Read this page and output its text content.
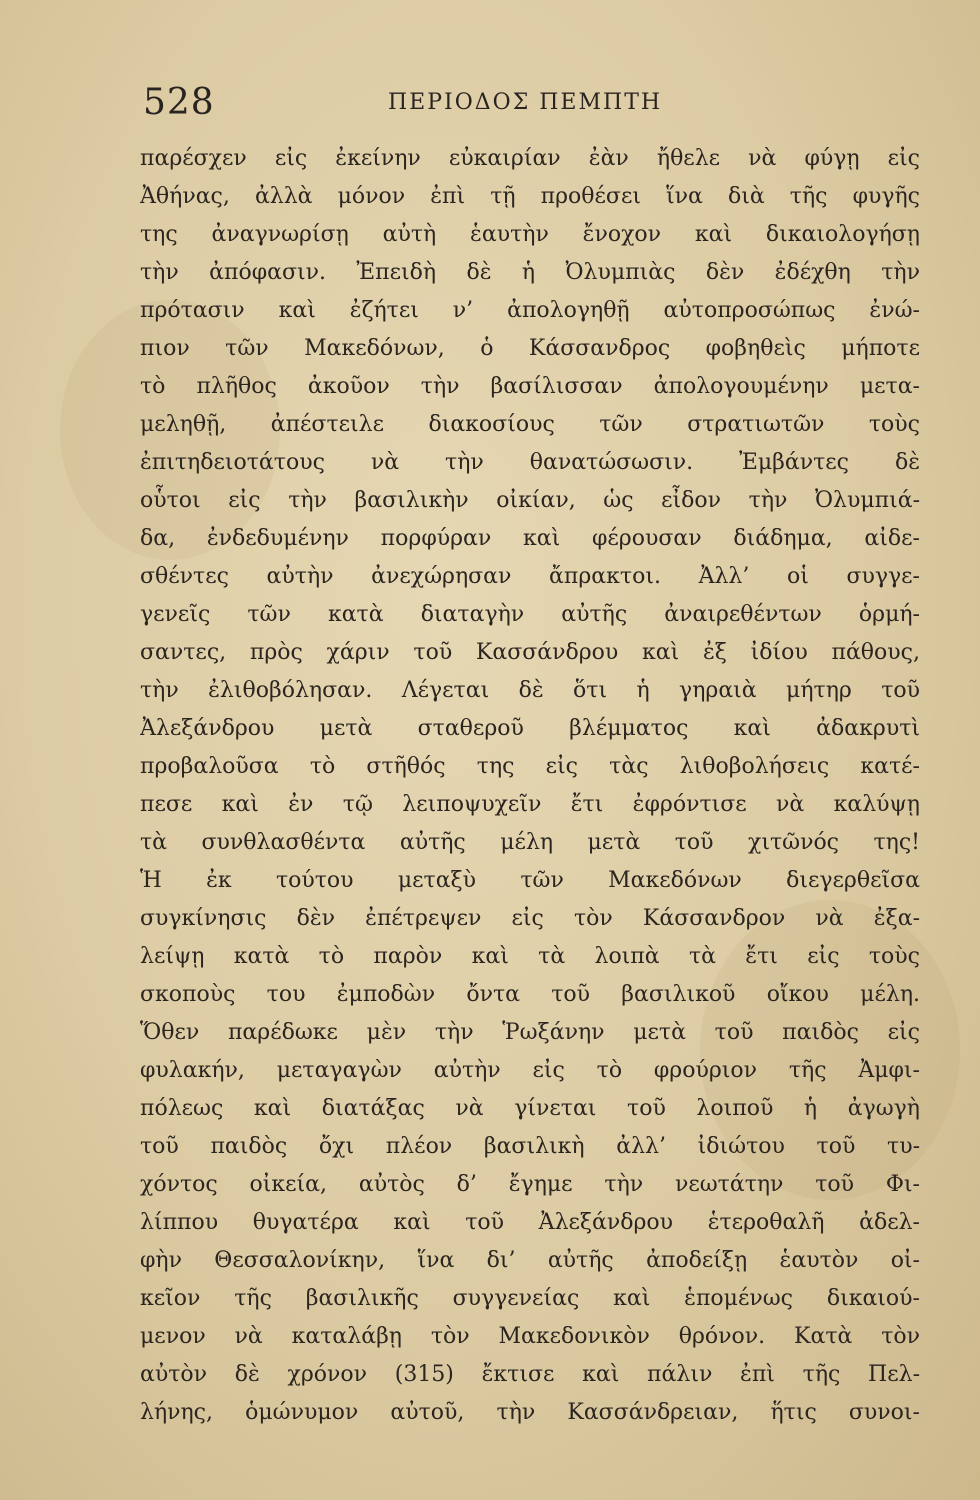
528	ΠΕΡΙΟΔΟΣ ΠΕΜΠΤΗ
παρέσχεν εἰς ἐκείνην εὐκαιρίαν ἐὰν ἤθελε νὰ φύγῃ εἰς
Ἀθήνας, ἀλλὰ μόνον ἐπὶ τῇ προθέσει ἵνα διὰ τῆς φυγῆς
της ἀναγνωρίσῃ αὐτὴ ἑαυτὴν ἔνοχον καὶ δικαιολογήσῃ
τὴν ἀπόφασιν. Ἐπειδὴ δὲ ἡ Ὀλυμπιὰς δὲν ἐδέχθη τὴν
πρότασιν καὶ ἐζήτει ν’ ἀπολογηθῇ αὐτοπροσώπως ἐνώ-
πιον τῶν Μακεδόνων, ὁ Κάσσανδρος φοβηθεὶς μήποτε
τὸ πλῆθος ἀκοῦον τὴν βασίλισσαν ἀπολογουμένην μετα-
μεληθῇ, ἀπέστειλε διακοσίους τῶν στρατιωτῶν τοὺς
ἐπιτηδειοτάτους νὰ τὴν θανατώσωσιν. Ἐμβάντες δὲ
οὗτοι εἰς τὴν βασιλικὴν οἰκίαν, ὡς εἶδον τὴν Ὀλυμπιά-
δα, ἐνδεδυμένην πορφύραν καὶ φέρουσαν διάδημα, αἰδε-
σθέντες αὐτὴν ἀνεχώρησαν ἄπρακτοι. Ἀλλ’ οἱ συγγε-
γενεῖς τῶν κατὰ διαταγὴν αὐτῆς ἀναιρεθέντων ὁρμή-
σαντες, πρὸς χάριν τοῦ Κασσάνδρου καὶ ἐξ ἰδίου πάθους,
τὴν ἐλιθοβόλησαν. Λέγεται δὲ ὅτι ἡ γηραιὰ μήτηρ τοῦ
Ἀλεξάνδρου μετὰ σταθεροῦ βλέμματος καὶ ἀδακρυτὶ
προβαλοῦσα τὸ στῆθός της εἰς τὰς λιθοβολήσεις κατέ-
πεσε καὶ ἐν τῷ λειποψυχεῖν ἔτι ἐφρόντισε νὰ καλύψῃ
τὰ συνθλασθέντα αὐτῆς μέλη μετὰ τοῦ χιτῶνός της!
Ἡ ἐκ τούτου μεταξὺ τῶν Μακεδόνων διεγερθεῖσα
συγκίνησις δὲν ἐπέτρεψεν εἰς τὸν Κάσσανδρον νὰ ἐξα-
λείψῃ κατὰ τὸ παρὸν καὶ τὰ λοιπὰ τὰ ἔτι εἰς τοὺς
σκοποὺς του ἐμποδὼν ὄντα τοῦ βασιλικοῦ οἴκου μέλη.
Ὅθεν παρέδωκε μὲν τὴν Ῥωξάνην μετὰ τοῦ παιδὸς εἰς
φυλακήν, μεταγαγὼν αὐτὴν εἰς τὸ φρούριον τῆς Ἀμφι-
πόλεως καὶ διατάξας νὰ γίνεται τοῦ λοιποῦ ἡ ἀγωγὴ
τοῦ παιδὸς ὄχι πλέον βασιλικὴ ἀλλ’ ἰδιώτου τοῦ τυ-
χόντος οἰκεία, αὐτὸς δ’ ἔγημε τὴν νεωτάτην τοῦ Φι-
λίππου θυγατέρα καὶ τοῦ Ἀλεξάνδρου ἑτεροθαλῆ ἀδελ-
φὴν Θεσσαλονίκην, ἵνα δι’ αὐτῆς ἀποδείξῃ ἑαυτὸν οἰ-
κεῖον τῆς βασιλικῆς συγγενείας καὶ ἑπομένως δικαιού-
μενον νὰ καταλάβῃ τὸν Μακεδονικὸν θρόνον. Κατὰ τὸν
αὐτὸν δὲ χρόνον (315) ἔκτισε καὶ πάλιν ἐπὶ τῆς Πελ-
λήνης, ὁμώνυμον αὐτοῦ, τὴν Κασσάνδρειαν, ἥτις συνοι-
